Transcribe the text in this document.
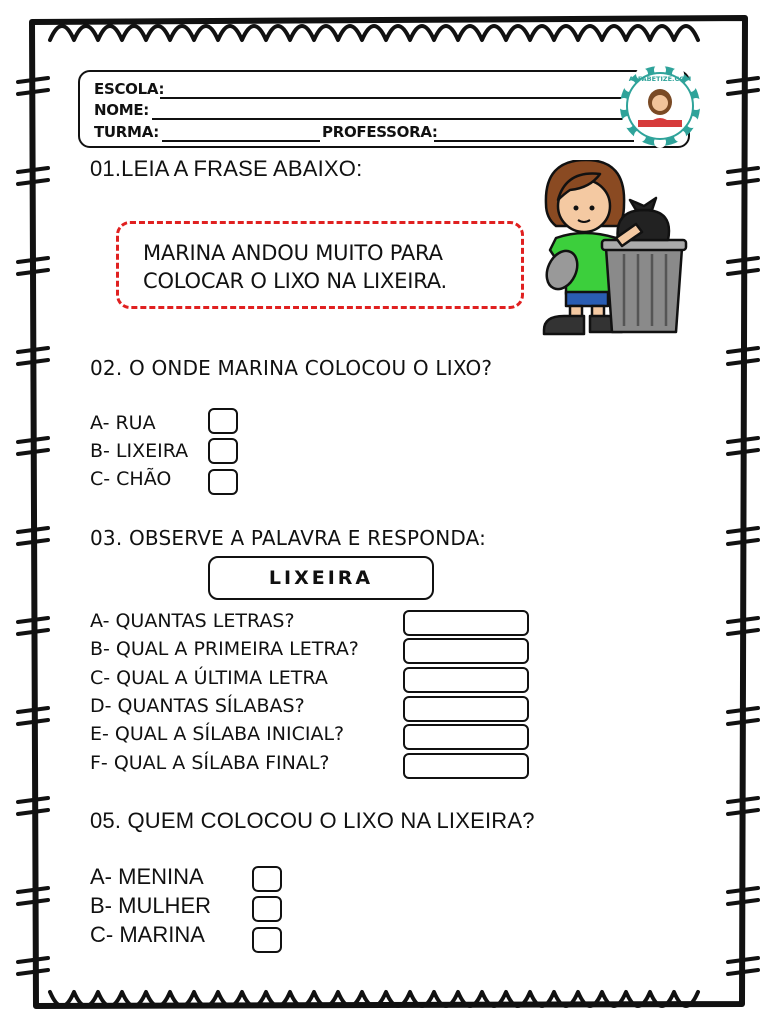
ESCOLA:
NOME:
TURMA:	PROFESSORA:
ALFABETIZE.COM
01.LEIA A FRASE ABAIXO:
MARINA ANDOU MUITO PARA
COLOCAR O LIXO NA LIXEIRA.
02. O ONDE MARINA COLOCOU O LIXO?
A- RUA
B- LIXEIRA
C- CHÃO
03. OBSERVE A PALAVRA E RESPONDA:
LIXEIRA
A- QUANTAS LETRAS?
B- QUAL A PRIMEIRA LETRA?
C- QUAL A ÚLTIMA LETRA
D- QUANTAS SÍLABAS?
E- QUAL A SÍLABA INICIAL?
F- QUAL A SÍLABA FINAL?
05. QUEM COLOCOU O LIXO NA LIXEIRA?
A- MENINA
B- MULHER
C- MARINA
